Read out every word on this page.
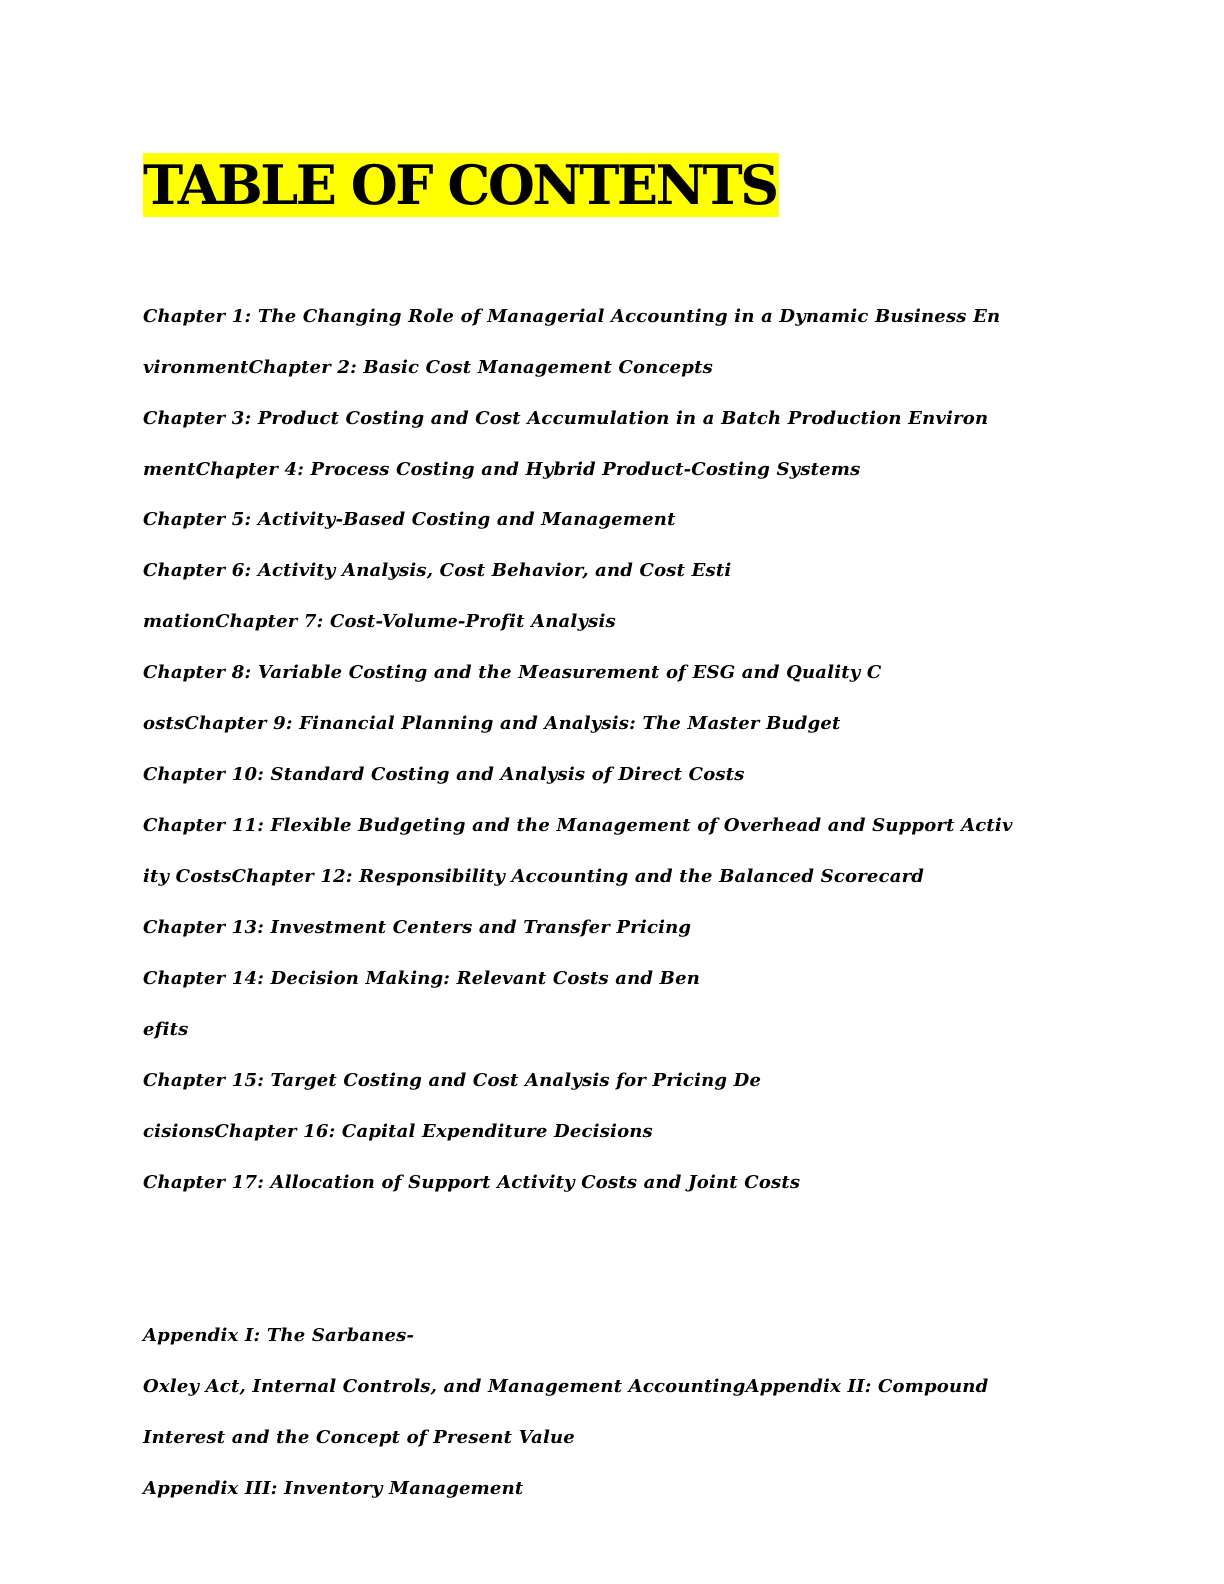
TABLE OF CONTENTS
Chapter 1: The Changing Role of Managerial Accounting in a Dynamic Business En
vironmentChapter 2: Basic Cost Management Concepts
Chapter 3: Product Costing and Cost Accumulation in a Batch Production Environ
mentChapter 4: Process Costing and Hybrid Product-Costing Systems
Chapter 5: Activity-Based Costing and Management
Chapter 6: Activity Analysis, Cost Behavior, and Cost Esti
mationChapter 7: Cost-Volume-Profit Analysis
Chapter 8: Variable Costing and the Measurement of ESG and Quality C
ostsChapter 9: Financial Planning and Analysis: The Master Budget
Chapter 10: Standard Costing and Analysis of Direct Costs
Chapter 11: Flexible Budgeting and the Management of Overhead and Support Activ
ity CostsChapter 12: Responsibility Accounting and the Balanced Scorecard
Chapter 13: Investment Centers and Transfer Pricing
Chapter 14: Decision Making: Relevant Costs and Ben
efits
Chapter 15: Target Costing and Cost Analysis for Pricing De
cisionsChapter 16: Capital Expenditure Decisions
Chapter 17: Allocation of Support Activity Costs and Joint Costs
Appendix I: The Sarbanes-
Oxley Act, Internal Controls, and Management AccountingAppendix II: Compound
Interest and the Concept of Present Value
Appendix III: Inventory Management
